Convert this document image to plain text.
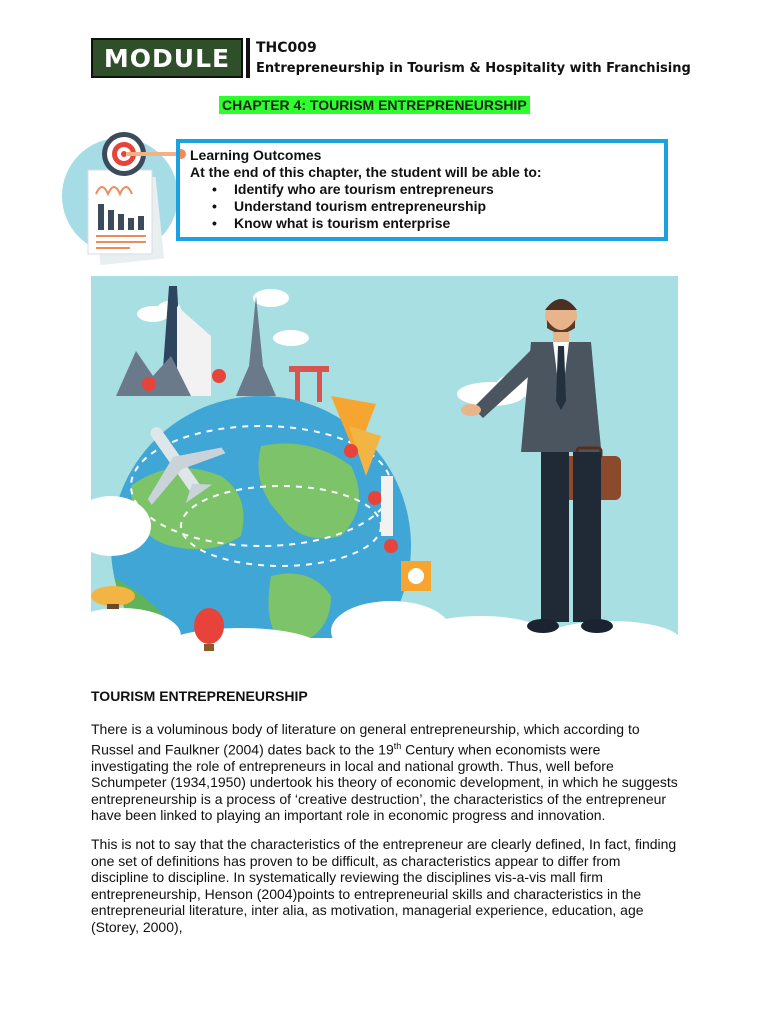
MODULE	THC009
Entrepreneurship in Tourism & Hospitality with Franchising
CHAPTER 4: TOURISM ENTREPRENEURSHIP
Learning Outcomes
At the end of this chapter, the student will be able to:
•	Identify who are tourism entrepreneurs
•	Understand tourism entrepreneurship
•	Know what is tourism enterprise
TOURISM ENTREPRENEURSHIP
There is a voluminous body of literature on general entrepreneurship, which according to Russel and Faulkner (2004) dates back to the 19th Century when economists were investigating the role of entrepreneurs in local and national growth. Thus, well before Schumpeter (1934,1950) undertook his theory of economic development, in which he suggests entrepreneurship is a process of ‘creative destruction’, the characteristics of the entrepreneur have been linked to playing an important role in economic progress and innovation.
This is not to say that the characteristics of the entrepreneur are clearly defined, In fact, finding one set of definitions has proven to be difficult, as characteristics appear to differ from discipline to discipline. In systematically reviewing the disciplines vis-a-vis mall firm entrepreneurship, Henson (2004)points to entrepreneurial skills and characteristics in the entrepreneurial literature, inter alia, as motivation, managerial experience, education, age (Storey, 2000),
